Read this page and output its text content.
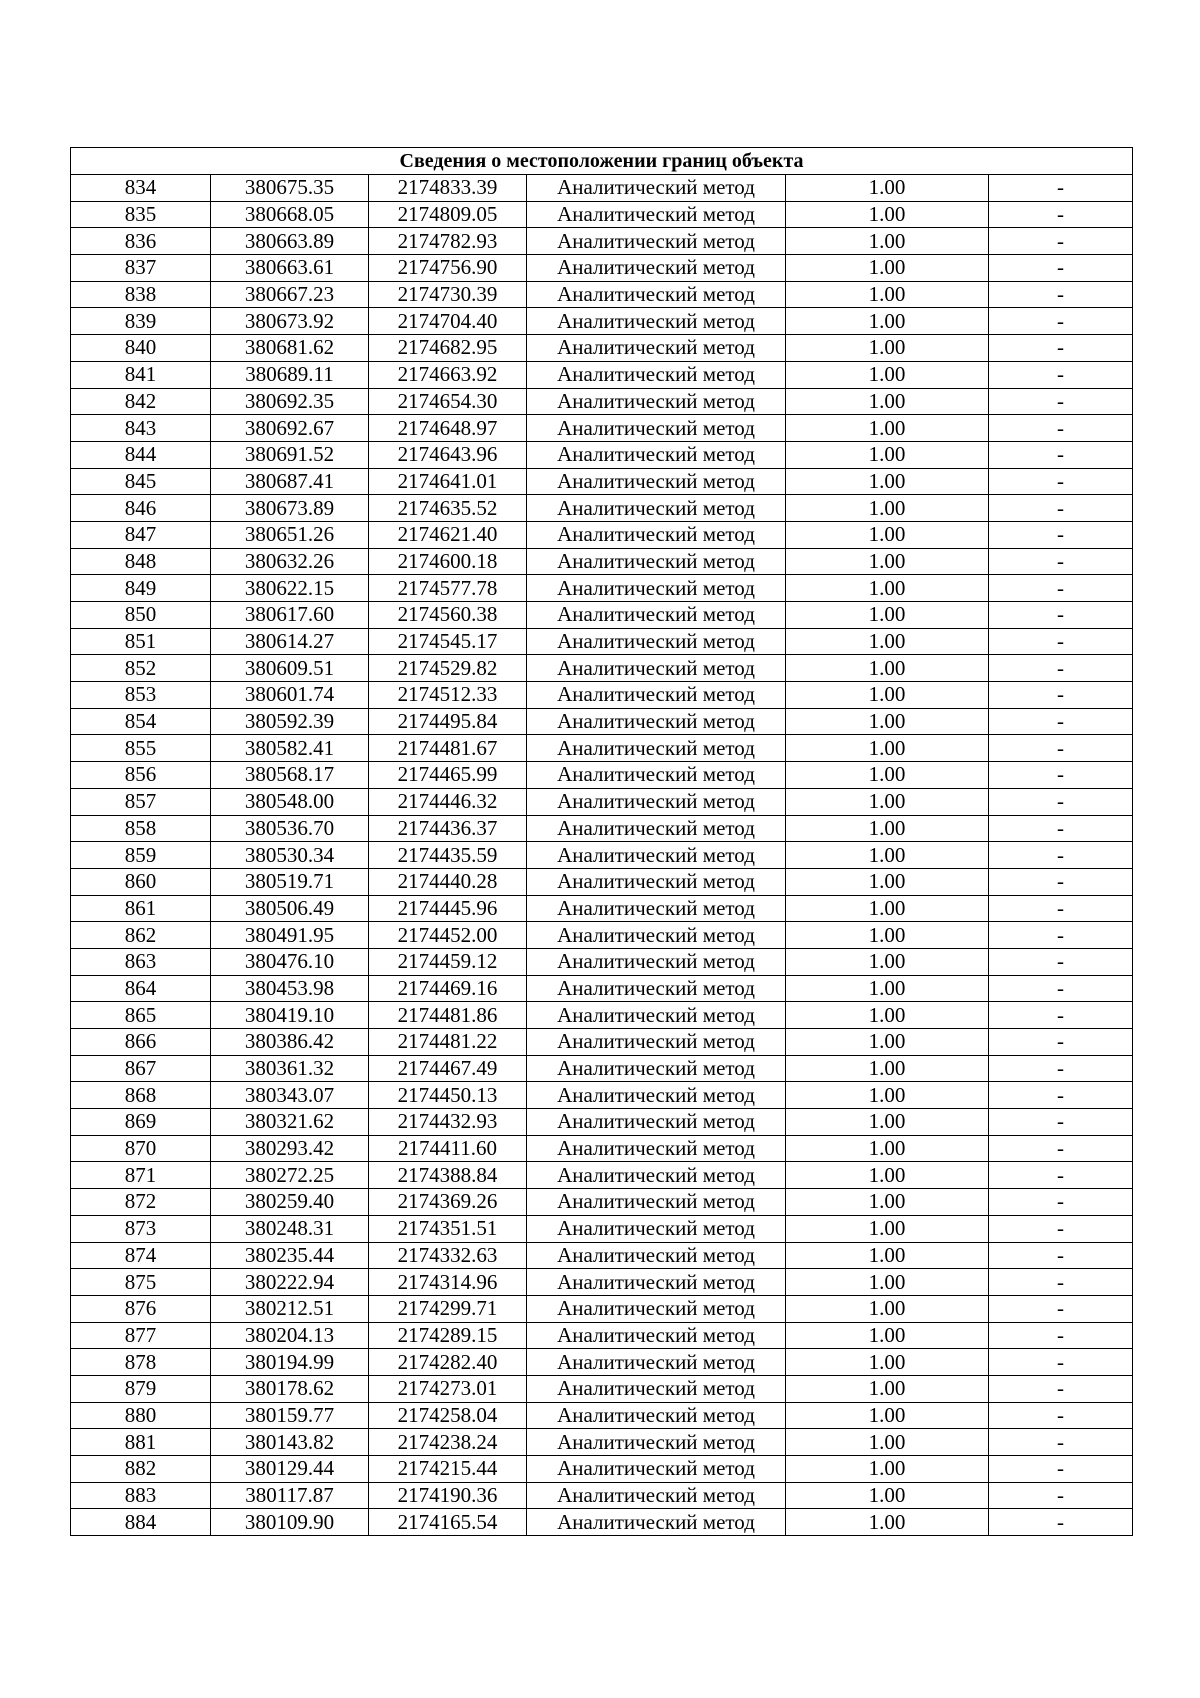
Сведения о местоположении границ объекта					
834	380675.35	2174833.39	Аналитический метод	1.00	-
835	380668.05	2174809.05	Аналитический метод	1.00	-
836	380663.89	2174782.93	Аналитический метод	1.00	-
837	380663.61	2174756.90	Аналитический метод	1.00	-
838	380667.23	2174730.39	Аналитический метод	1.00	-
839	380673.92	2174704.40	Аналитический метод	1.00	-
840	380681.62	2174682.95	Аналитический метод	1.00	-
841	380689.11	2174663.92	Аналитический метод	1.00	-
842	380692.35	2174654.30	Аналитический метод	1.00	-
843	380692.67	2174648.97	Аналитический метод	1.00	-
844	380691.52	2174643.96	Аналитический метод	1.00	-
845	380687.41	2174641.01	Аналитический метод	1.00	-
846	380673.89	2174635.52	Аналитический метод	1.00	-
847	380651.26	2174621.40	Аналитический метод	1.00	-
848	380632.26	2174600.18	Аналитический метод	1.00	-
849	380622.15	2174577.78	Аналитический метод	1.00	-
850	380617.60	2174560.38	Аналитический метод	1.00	-
851	380614.27	2174545.17	Аналитический метод	1.00	-
852	380609.51	2174529.82	Аналитический метод	1.00	-
853	380601.74	2174512.33	Аналитический метод	1.00	-
854	380592.39	2174495.84	Аналитический метод	1.00	-
855	380582.41	2174481.67	Аналитический метод	1.00	-
856	380568.17	2174465.99	Аналитический метод	1.00	-
857	380548.00	2174446.32	Аналитический метод	1.00	-
858	380536.70	2174436.37	Аналитический метод	1.00	-
859	380530.34	2174435.59	Аналитический метод	1.00	-
860	380519.71	2174440.28	Аналитический метод	1.00	-
861	380506.49	2174445.96	Аналитический метод	1.00	-
862	380491.95	2174452.00	Аналитический метод	1.00	-
863	380476.10	2174459.12	Аналитический метод	1.00	-
864	380453.98	2174469.16	Аналитический метод	1.00	-
865	380419.10	2174481.86	Аналитический метод	1.00	-
866	380386.42	2174481.22	Аналитический метод	1.00	-
867	380361.32	2174467.49	Аналитический метод	1.00	-
868	380343.07	2174450.13	Аналитический метод	1.00	-
869	380321.62	2174432.93	Аналитический метод	1.00	-
870	380293.42	2174411.60	Аналитический метод	1.00	-
871	380272.25	2174388.84	Аналитический метод	1.00	-
872	380259.40	2174369.26	Аналитический метод	1.00	-
873	380248.31	2174351.51	Аналитический метод	1.00	-
874	380235.44	2174332.63	Аналитический метод	1.00	-
875	380222.94	2174314.96	Аналитический метод	1.00	-
876	380212.51	2174299.71	Аналитический метод	1.00	-
877	380204.13	2174289.15	Аналитический метод	1.00	-
878	380194.99	2174282.40	Аналитический метод	1.00	-
879	380178.62	2174273.01	Аналитический метод	1.00	-
880	380159.77	2174258.04	Аналитический метод	1.00	-
881	380143.82	2174238.24	Аналитический метод	1.00	-
882	380129.44	2174215.44	Аналитический метод	1.00	-
883	380117.87	2174190.36	Аналитический метод	1.00	-
884	380109.90	2174165.54	Аналитический метод	1.00	-
